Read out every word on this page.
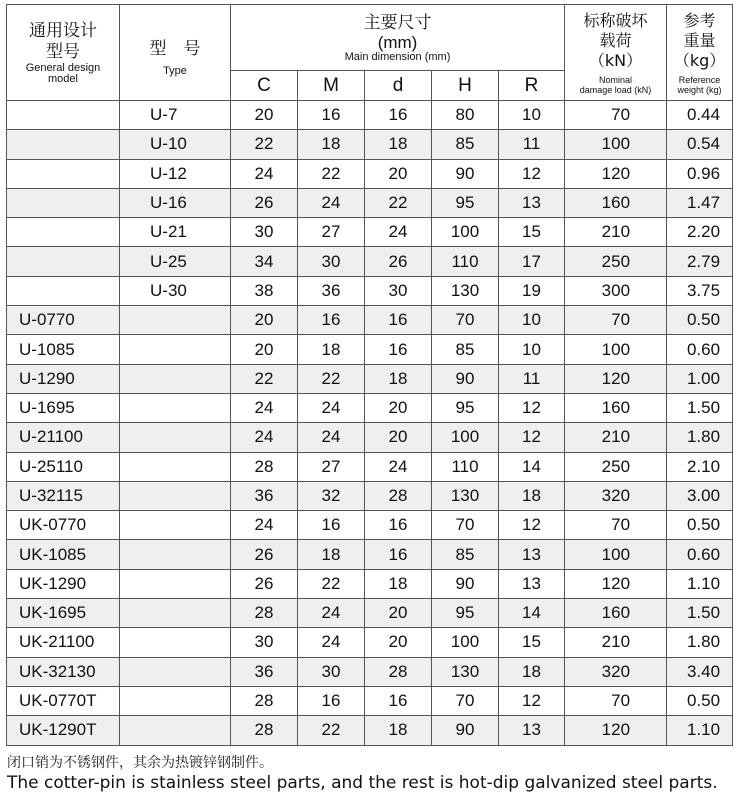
通用设计
型号
General design
model	型　号
Type	主要尺寸
(mm)
Main dimension (mm)					标称破坏
载荷
（kN）
Nominal
damage load (kN)	参考
重量
（kg）
Reference
weight (kg)

		C	M	d	H	R		
	U-7	20	16	16	80	10	70	0.44
	U-10	22	18	18	85	11	100	0.54
	U-12	24	22	20	90	12	120	0.96
	U-16	26	24	22	95	13	160	1.47
	U-21	30	27	24	100	15	210	2.20
	U-25	34	30	26	110	17	250	2.79
	U-30	38	36	30	130	19	300	3.75
U-0770		20	16	16	70	10	70	0.50
U-1085		20	18	16	85	10	100	0.60
U-1290		22	22	18	90	11	120	1.00
U-1695		24	24	20	95	12	160	1.50
U-21100		24	24	20	100	12	210	1.80
U-25110		28	27	24	110	14	250	2.10
U-32115		36	32	28	130	18	320	3.00
UK-0770		24	16	16	70	12	70	0.50
UK-1085		26	18	16	85	13	100	0.60
UK-1290		26	22	18	90	13	120	1.10
UK-1695		28	24	20	95	14	160	1.50
UK-21100		30	24	20	100	15	210	1.80
UK-32130		36	30	28	130	18	320	3.40
UK-0770T		28	16	16	70	12	70	0.50
UK-1290T		28	22	18	90	13	120	1.10
闭口销为不锈钢件，其余为热镀锌钢制件。
The cotter-pin is stainless steel parts, and the rest is hot-dip galvanized steel parts.
